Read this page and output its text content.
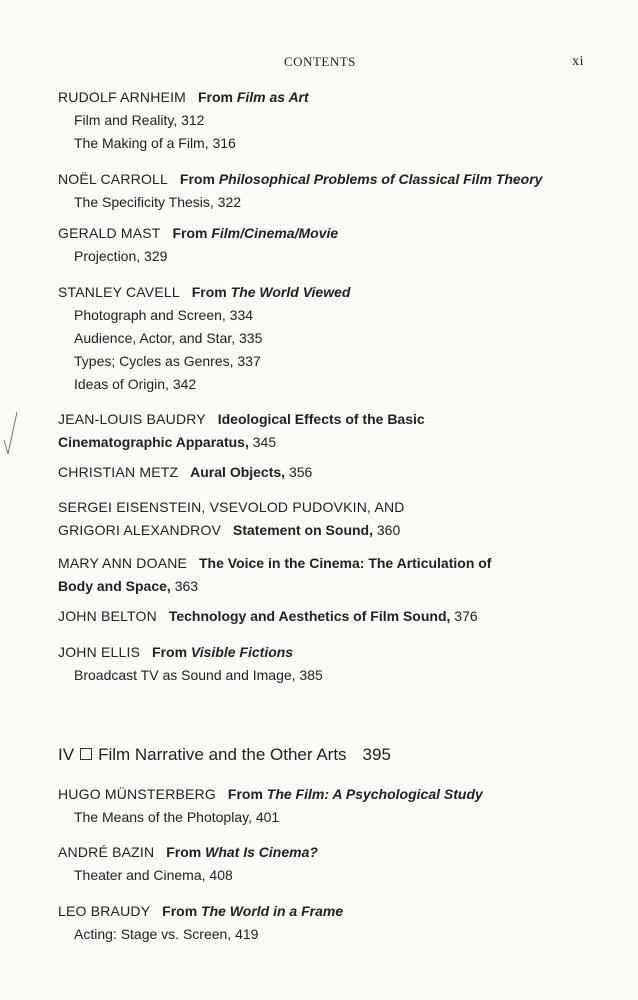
CONTENTS	xi
RUDOLF ARNHEIM From Film as Art
Film and Reality, 312
The Making of a Film, 316
NOËL CARROLL From Philosophical Problems of Classical Film Theory
The Specificity Thesis, 322
GERALD MAST From Film/Cinema/Movie
Projection, 329
STANLEY CAVELL From The World Viewed
Photograph and Screen, 334
Audience, Actor, and Star, 335
Types; Cycles as Genres, 337
Ideas of Origin, 342
JEAN-LOUIS BAUDRY Ideological Effects of the Basic
Cinematographic Apparatus, 345
CHRISTIAN METZ Aural Objects, 356
SERGEI EISENSTEIN, VSEVOLOD PUDOVKIN, AND
GRIGORI ALEXANDROV Statement on Sound, 360
MARY ANN DOANE The Voice in the Cinema: The Articulation of
Body and Space, 363
JOHN BELTON Technology and Aesthetics of Film Sound, 376
JOHN ELLIS From Visible Fictions
Broadcast TV as Sound and Image, 385
IV Film Narrative and the Other Arts 395
HUGO MÜNSTERBERG From The Film: A Psychological Study
The Means of the Photoplay, 401
ANDRÉ BAZIN From What Is Cinema?
Theater and Cinema, 408
LEO BRAUDY From The World in a Frame
Acting: Stage vs. Screen, 419
